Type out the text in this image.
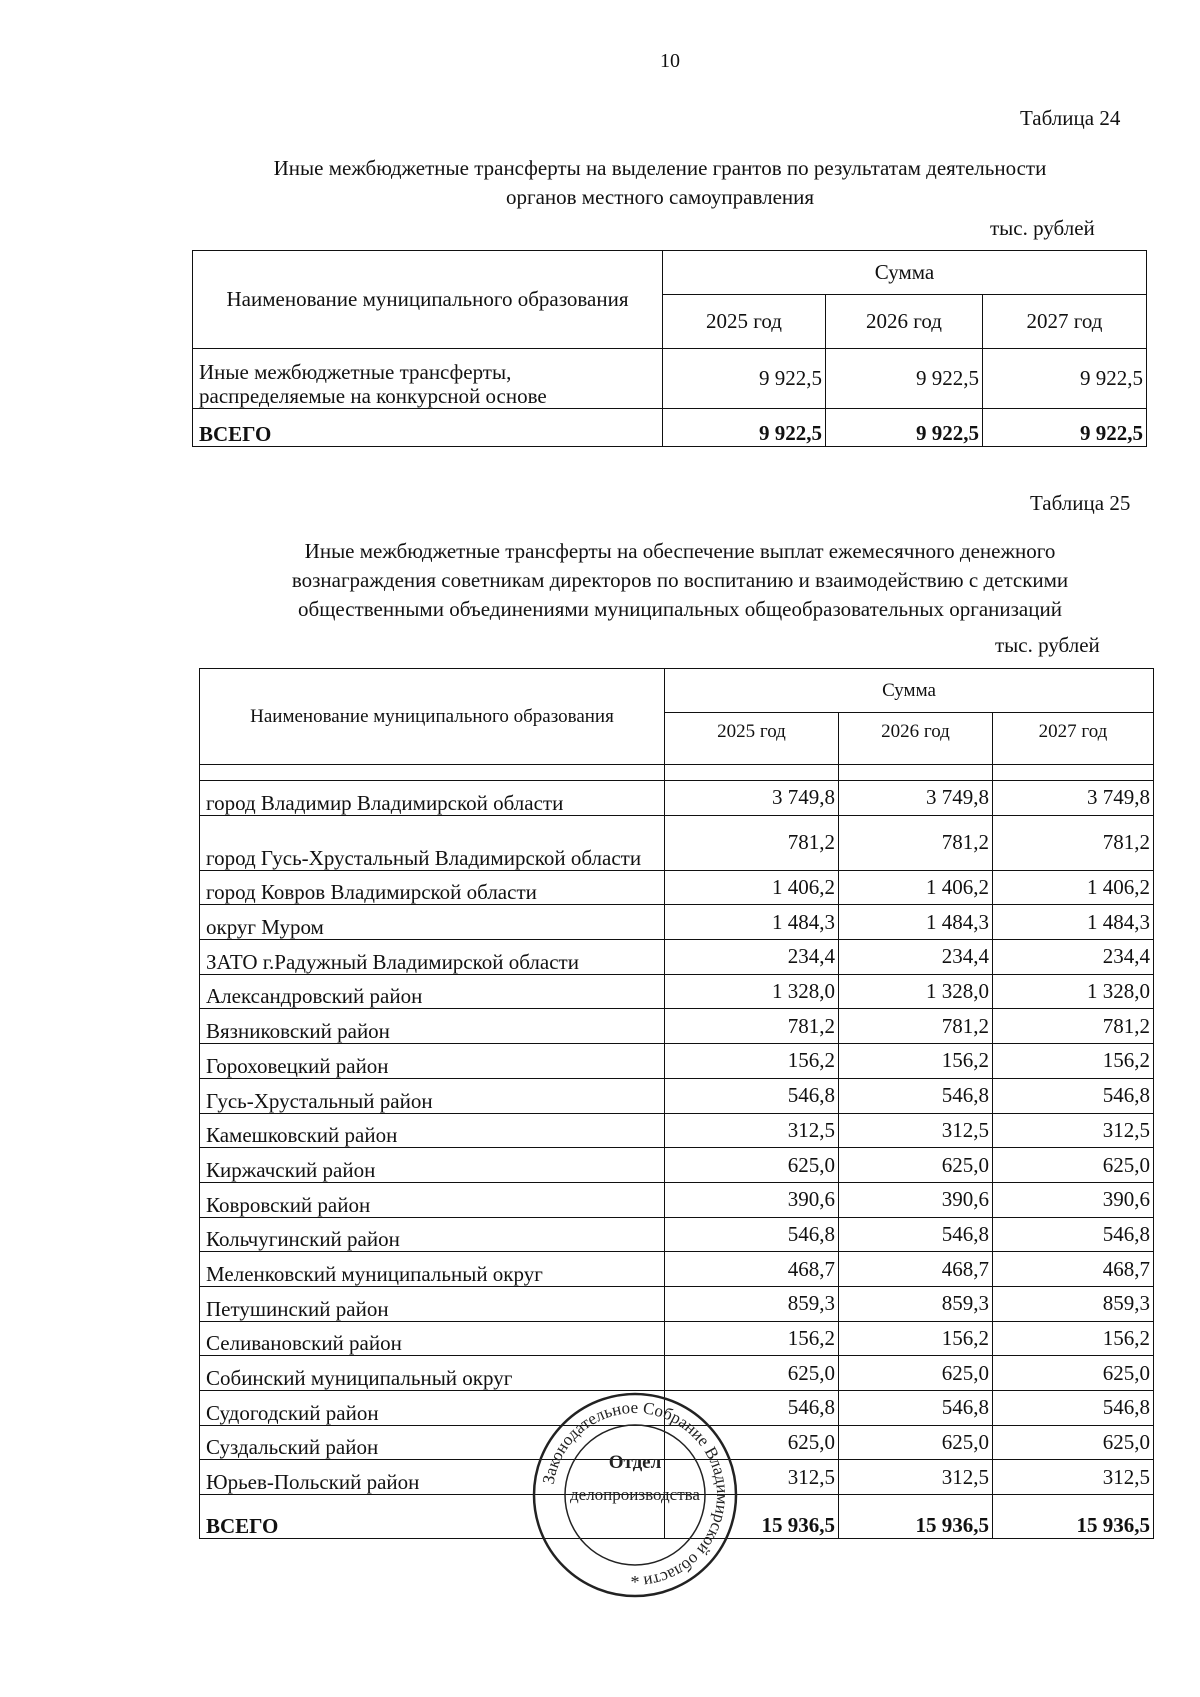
10
Таблица 24
Иные межбюджетные трансферты на выделение грантов по результатам деятельности
органов местного самоуправления
тыс. рублей
Наименование муниципального образования	Сумма		
	2025 год	2026 год	2027 год
Иные межбюджетные трансферты, распределяемые на конкурсной основе	9 922,5	9 922,5	9 922,5
ВСЕГО	9 922,5	9 922,5	9 922,5
Таблица 25
Иные межбюджетные трансферты на обеспечение выплат ежемесячного денежного
вознаграждения советникам директоров по воспитанию и взаимодействию с детскими
общественными объединениями муниципальных общеобразовательных организаций
тыс. рублей
Наименование муниципального образования	Сумма		
	2025 год	2026 год	2027 год

город Владимир Владимирской области	3 749,8	3 749,8	3 749,8
город Гусь-Хрустальный Владимирской области	781,2	781,2	781,2
город Ковров Владимирской области	1 406,2	1 406,2	1 406,2
округ Муром	1 484,3	1 484,3	1 484,3
ЗАТО г.Радужный Владимирской области	234,4	234,4	234,4
Александровский район	1 328,0	1 328,0	1 328,0
Вязниковский район	781,2	781,2	781,2
Гороховецкий район	156,2	156,2	156,2
Гусь-Хрустальный район	546,8	546,8	546,8
Камешковский район	312,5	312,5	312,5
Киржачский район	625,0	625,0	625,0
Ковровский район	390,6	390,6	390,6
Кольчугинский район	546,8	546,8	546,8
Меленковский муниципальный округ	468,7	468,7	468,7
Петушинский район	859,3	859,3	859,3
Селивановский район	156,2	156,2	156,2
Собинский муниципальный округ	625,0	625,0	625,0
Судогодский район	546,8	546,8	546,8
Суздальский район	625,0	625,0	625,0
Юрьев-Польский район	312,5	312,5	312,5
ВСЕГО	15 936,5	15 936,5	15 936,5
Законодательное Собрание Владимирской области
Отдел
делопроизводства
*
